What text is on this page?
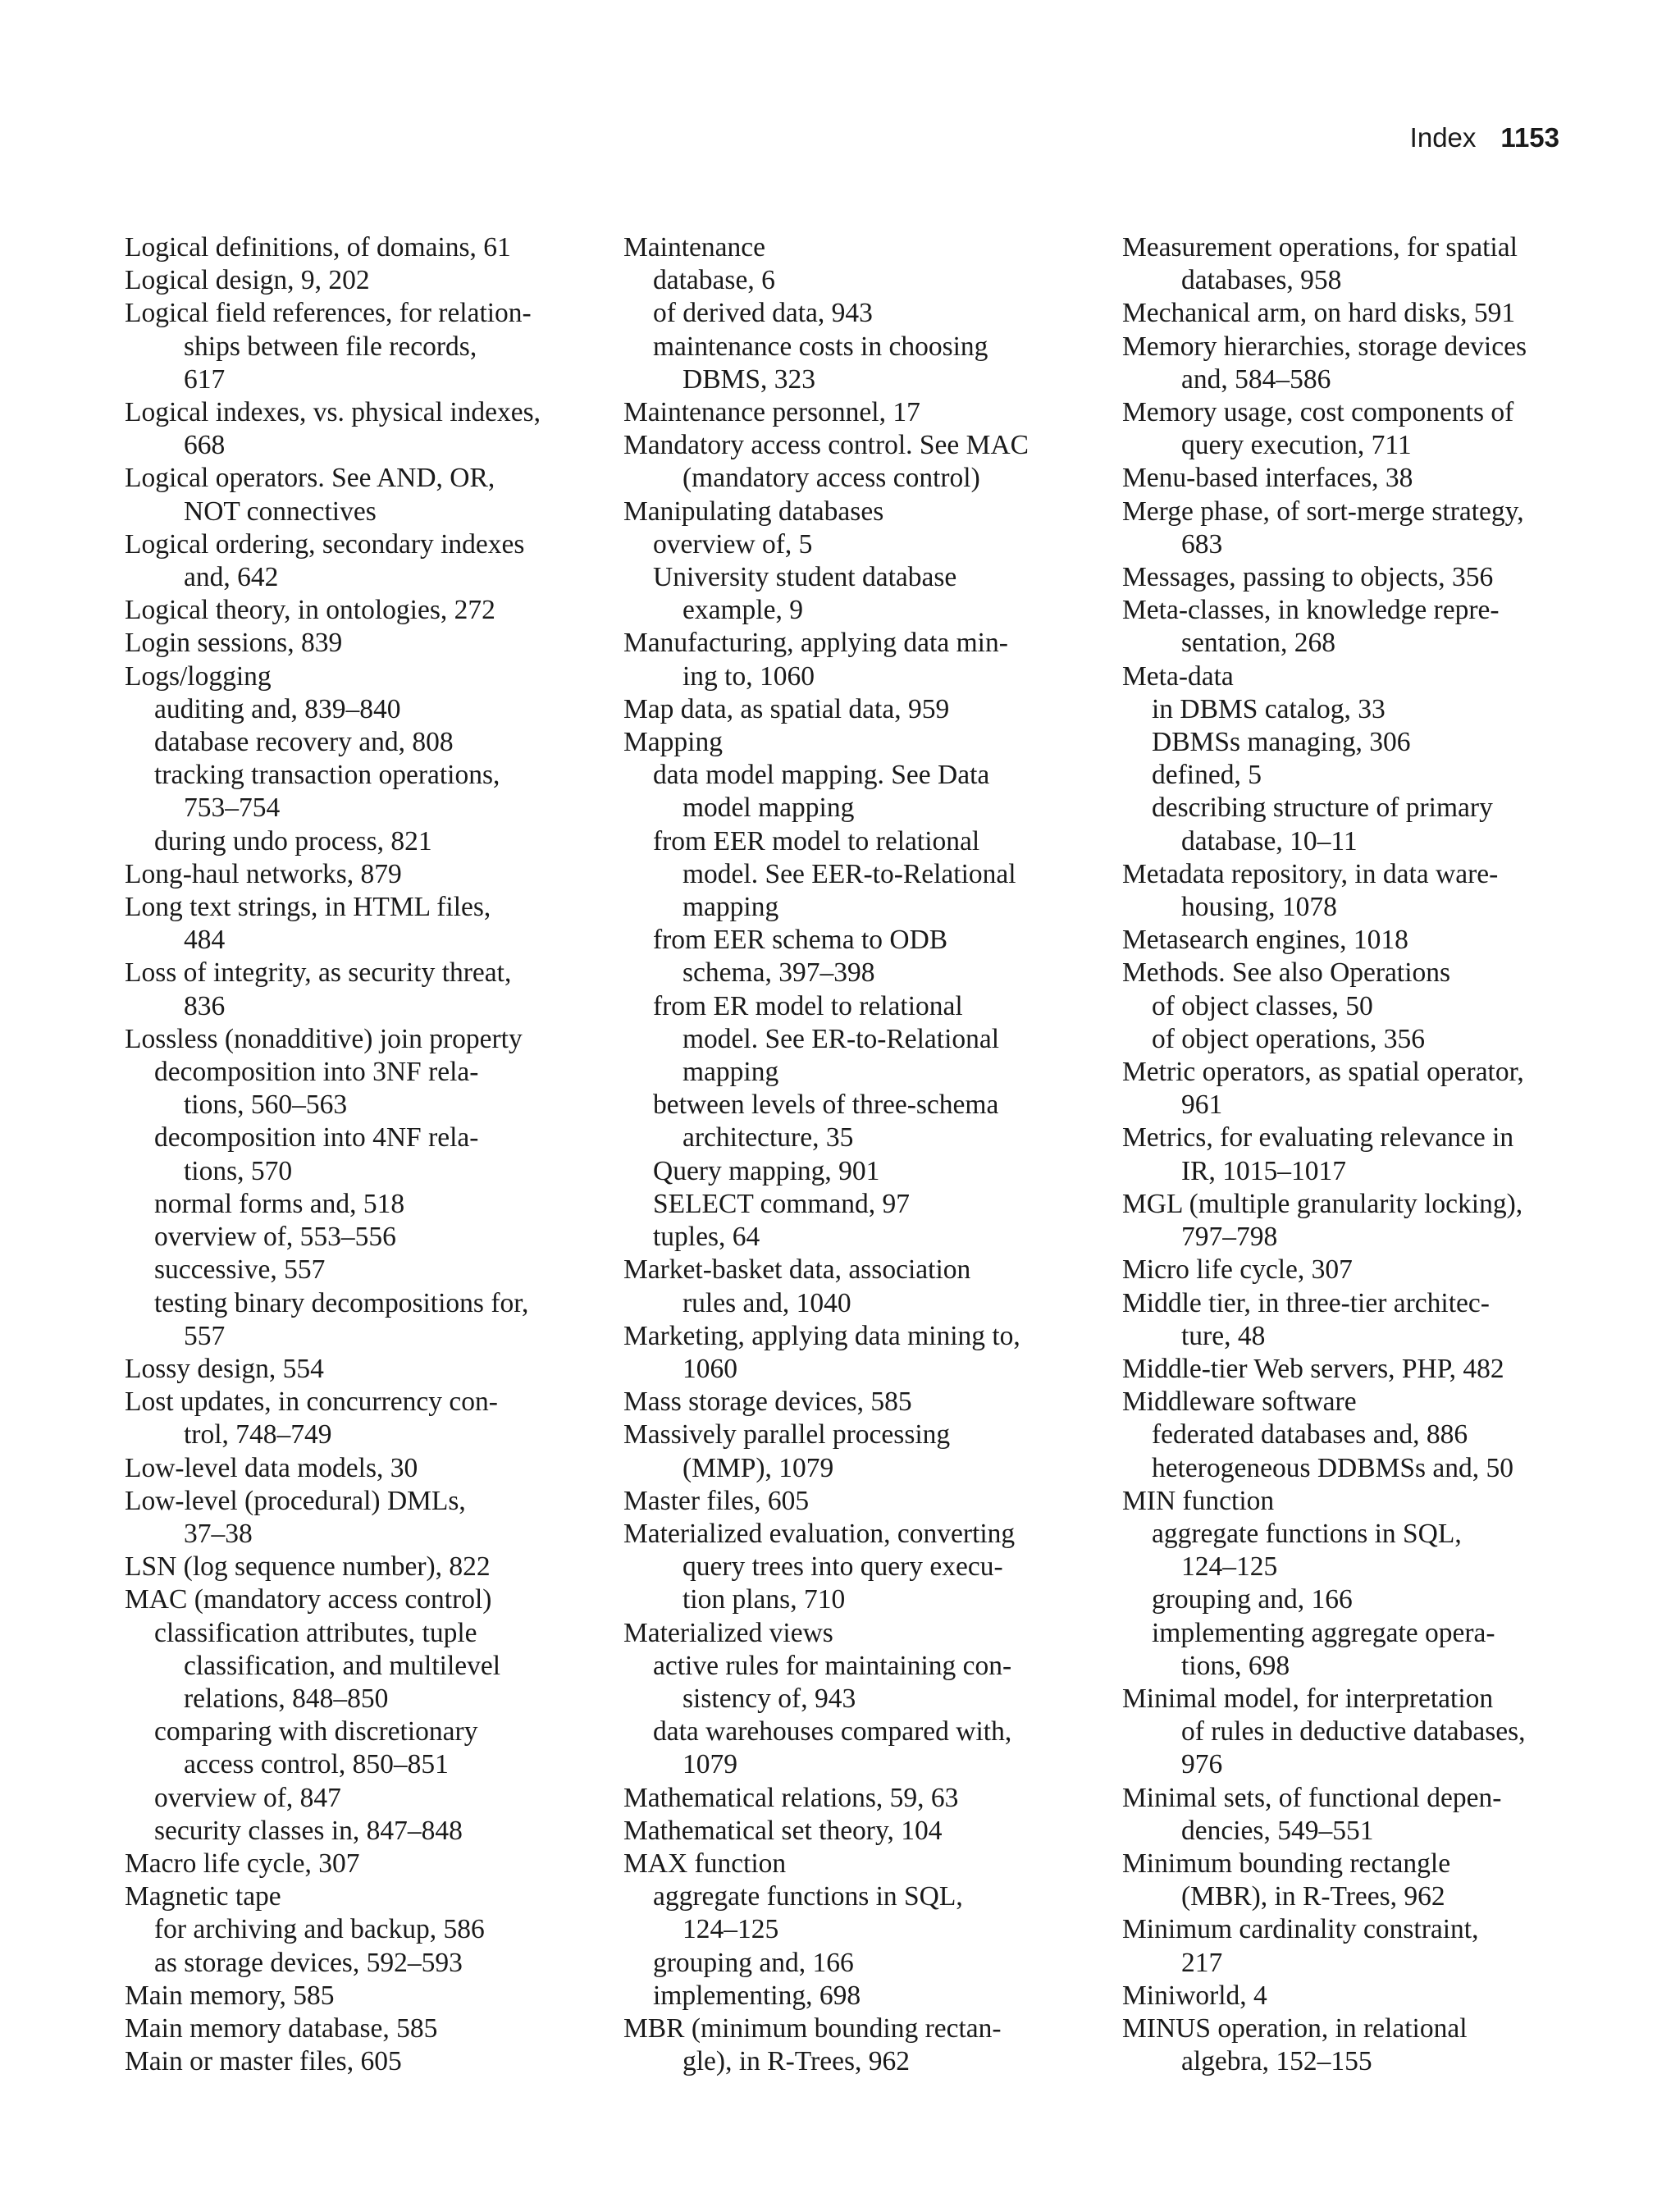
Index 1153
Logical definitions, of domains, 61
Logical design, 9, 202
Logical field references, for relation-
ships between file records,
617
Logical indexes, vs. physical indexes,
668
Logical operators. See AND, OR,
NOT connectives
Logical ordering, secondary indexes
and, 642
Logical theory, in ontologies, 272
Login sessions, 839
Logs/logging
auditing and, 839–840
database recovery and, 808
tracking transaction operations,
753–754
during undo process, 821
Long-haul networks, 879
Long text strings, in HTML files,
484
Loss of integrity, as security threat,
836
Lossless (nonadditive) join property
decomposition into 3NF rela-
tions, 560–563
decomposition into 4NF rela-
tions, 570
normal forms and, 518
overview of, 553–556
successive, 557
testing binary decompositions for,
557
Lossy design, 554
Lost updates, in concurrency con-
trol, 748–749
Low-level data models, 30
Low-level (procedural) DMLs,
37–38
LSN (log sequence number), 822
MAC (mandatory access control)
classification attributes, tuple
classification, and multilevel
relations, 848–850
comparing with discretionary
access control, 850–851
overview of, 847
security classes in, 847–848
Macro life cycle, 307
Magnetic tape
for archiving and backup, 586
as storage devices, 592–593
Main memory, 585
Main memory database, 585
Main or master files, 605
Maintenance
database, 6
of derived data, 943
maintenance costs in choosing
DBMS, 323
Maintenance personnel, 17
Mandatory access control. See MAC
(mandatory access control)
Manipulating databases
overview of, 5
University student database
example, 9
Manufacturing, applying data min-
ing to, 1060
Map data, as spatial data, 959
Mapping
data model mapping. See Data
model mapping
from EER model to relational
model. See EER-to-Relational
mapping
from EER schema to ODB
schema, 397–398
from ER model to relational
model. See ER-to-Relational
mapping
between levels of three-schema
architecture, 35
Query mapping, 901
SELECT command, 97
tuples, 64
Market-basket data, association
rules and, 1040
Marketing, applying data mining to,
1060
Mass storage devices, 585
Massively parallel processing
(MMP), 1079
Master files, 605
Materialized evaluation, converting
query trees into query execu-
tion plans, 710
Materialized views
active rules for maintaining con-
sistency of, 943
data warehouses compared with,
1079
Mathematical relations, 59, 63
Mathematical set theory, 104
MAX function
aggregate functions in SQL,
124–125
grouping and, 166
implementing, 698
MBR (minimum bounding rectan-
gle), in R-Trees, 962
Measurement operations, for spatial
databases, 958
Mechanical arm, on hard disks, 591
Memory hierarchies, storage devices
and, 584–586
Memory usage, cost components of
query execution, 711
Menu-based interfaces, 38
Merge phase, of sort-merge strategy,
683
Messages, passing to objects, 356
Meta-classes, in knowledge repre-
sentation, 268
Meta-data
in DBMS catalog, 33
DBMSs managing, 306
defined, 5
describing structure of primary
database, 10–11
Metadata repository, in data ware-
housing, 1078
Metasearch engines, 1018
Methods. See also Operations
of object classes, 50
of object operations, 356
Metric operators, as spatial operator,
961
Metrics, for evaluating relevance in
IR, 1015–1017
MGL (multiple granularity locking),
797–798
Micro life cycle, 307
Middle tier, in three-tier architec-
ture, 48
Middle-tier Web servers, PHP, 482
Middleware software
federated databases and, 886
heterogeneous DDBMSs and, 50
MIN function
aggregate functions in SQL,
124–125
grouping and, 166
implementing aggregate opera-
tions, 698
Minimal model, for interpretation
of rules in deductive databases,
976
Minimal sets, of functional depen-
dencies, 549–551
Minimum bounding rectangle
(MBR), in R-Trees, 962
Minimum cardinality constraint,
217
Miniworld, 4
MINUS operation, in relational
algebra, 152–155
